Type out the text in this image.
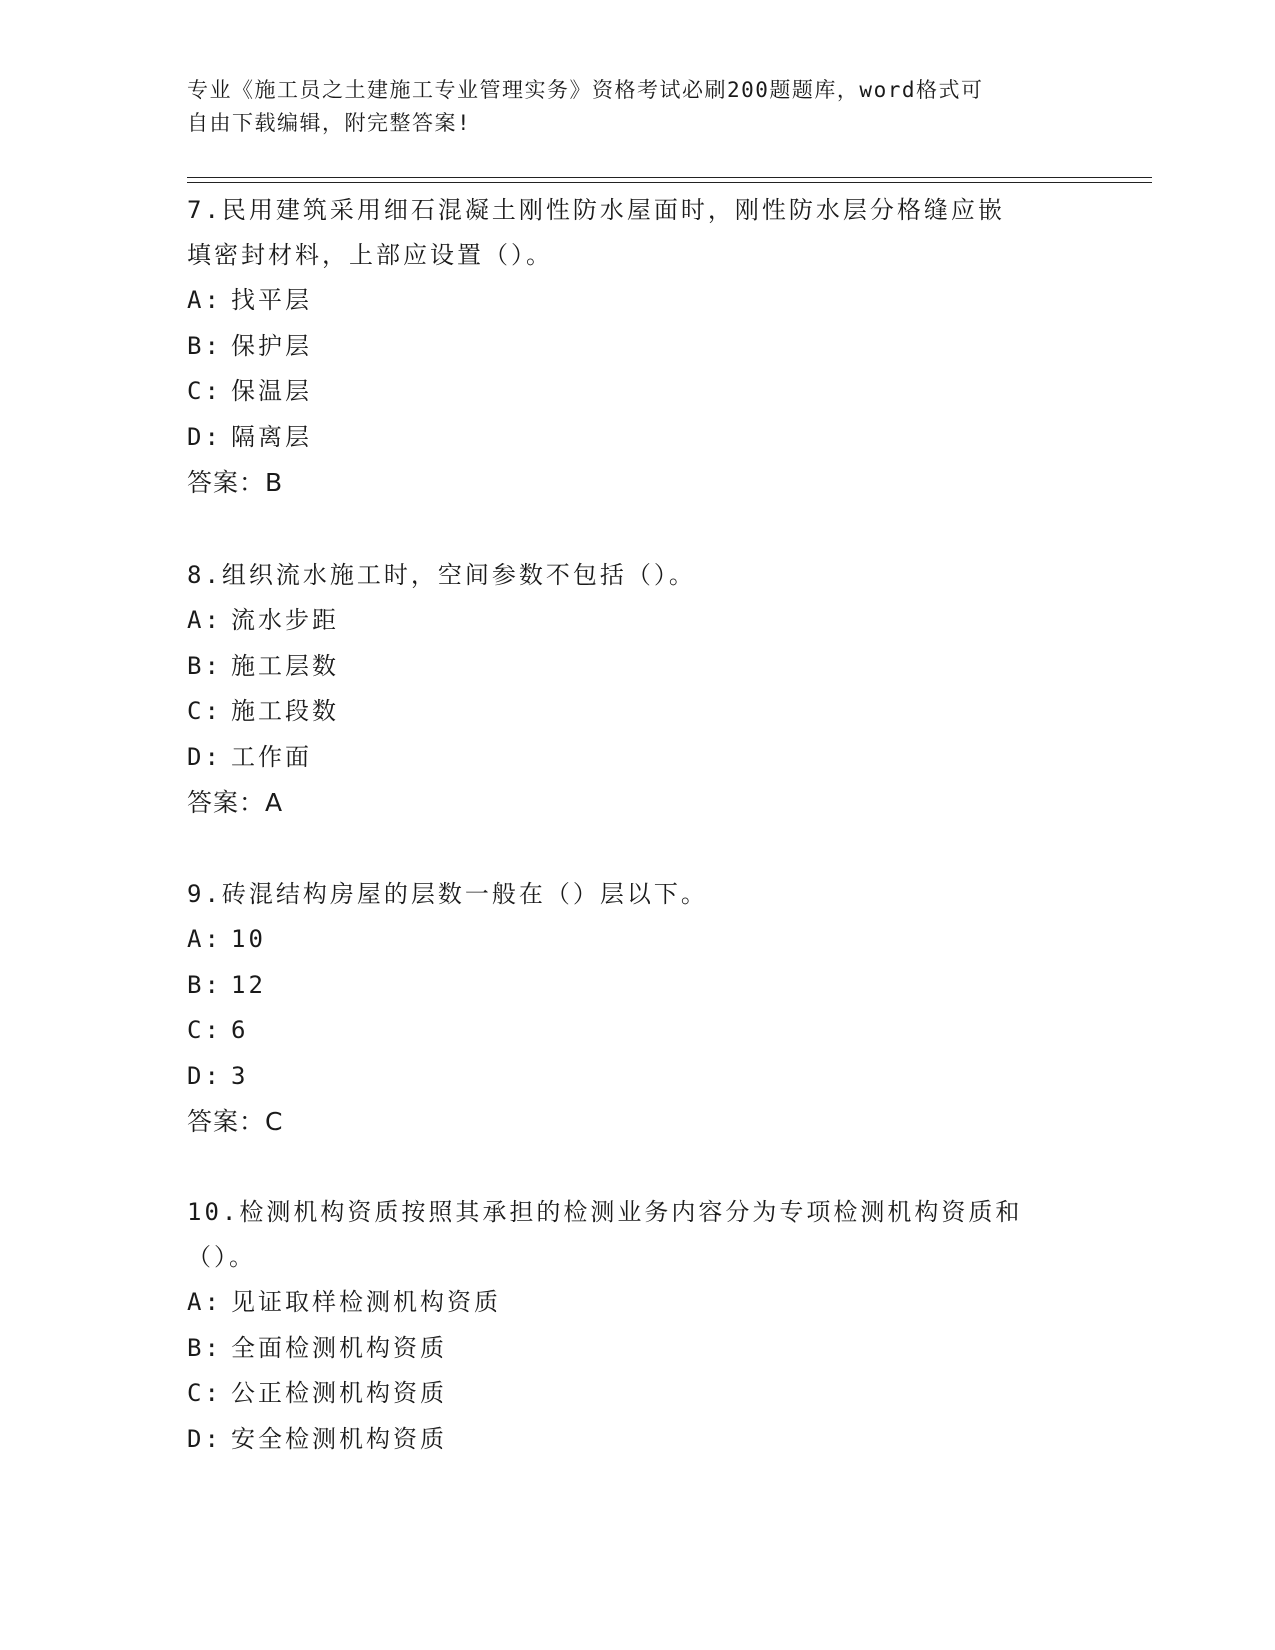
专业《施工员之土建施工专业管理实务》资格考试必刷200题题库，word格式可
自由下载编辑，附完整答案!
7.民用建筑采用细石混凝土刚性防水屋面时，刚性防水层分格缝应嵌
填密封材料，上部应设置（）。
A: 找平层
B: 保护层
C: 保温层
D: 隔离层
答案：B
8.组织流水施工时，空间参数不包括（）。
A: 流水步距
B: 施工层数
C: 施工段数
D: 工作面
答案：A
9.砖混结构房屋的层数一般在（）层以下。
A: 10
B: 12
C: 6
D: 3
答案：C
10.检测机构资质按照其承担的检测业务内容分为专项检测机构资质和
（）。
A: 见证取样检测机构资质
B: 全面检测机构资质
C: 公正检测机构资质
D: 安全检测机构资质
